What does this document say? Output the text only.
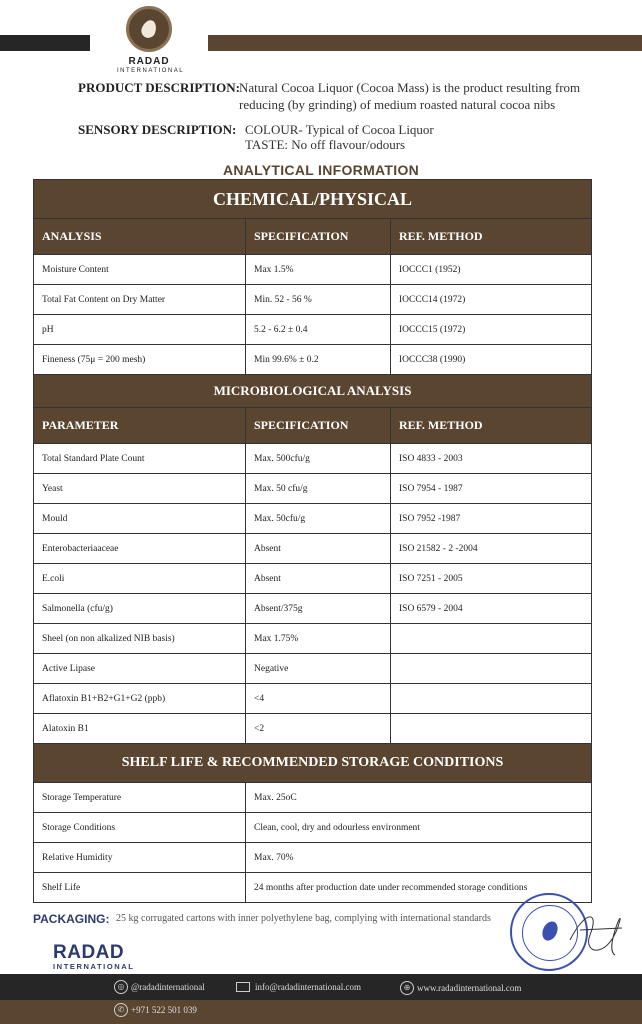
RADAD
INTERNATIONAL
PRODUCT DESCRIPTION: Natural Cocoa Liquor (Cocoa Mass) is the product resulting from
reducing (by grinding) of medium roasted natural cocoa nibs
SENSORY DESCRIPTION: COLOUR- Typical of Cocoa Liquor
TASTE: No off flavour/odours
ANALYTICAL INFORMATION
CHEMICAL/PHYSICAL		
ANALYSIS	SPECIFICATION	REF. METHOD
Moisture Content	Max 1.5%	IOCCC1 (1952)
Total Fat Content on Dry Matter	Min. 52 - 56 %	IOCCC14 (1972)
pH	5.2 - 6.2 ± 0.4	IOCCC15 (1972)
Fineness (75μ = 200 mesh)	Min 99.6% ± 0.2	IOCCC38 (1990)
MICROBIOLOGICAL ANALYSIS		
PARAMETER	SPECIFICATION	REF. METHOD
Total Standard Plate Count	Max. 500cfu/g	ISO 4833 - 2003
Yeast	Max. 50 cfu/g	ISO 7954 - 1987
Mould	Max. 50cfu/g	ISO 7952 -1987
Enterobacteriaaceae	Absent	ISO 21582 - 2 -2004
E.coli	Absent	ISO 7251 - 2005
Salmonella (cfu/g)	Absent/375g	ISO 6579 - 2004
Sheel (on non alkalized NIB basis)	Max 1.75%	
Active Lipase	Negative	
Aflatoxin B1+B2+G1+G2 (ppb)	<4	
Alatoxin B1	<2	
SHELF LIFE & RECOMMENDED STORAGE CONDITIONS		
Storage Temperature	Max. 25oC	
Storage Conditions	Clean, cool, dry and odourless environment	
Relative Humidity	Max. 70%	
Shelf Life	24 months after production date under recommended storage conditions	
PACKAGING: 25 kg corrugated cartons with inner polyethylene bag, complying with international standards
RADAD
INTERNATIONAL
◎ @radadinternational	info@radadinternational.com	⊕ www.radadinternational.com
✆ +971 522 501 039
